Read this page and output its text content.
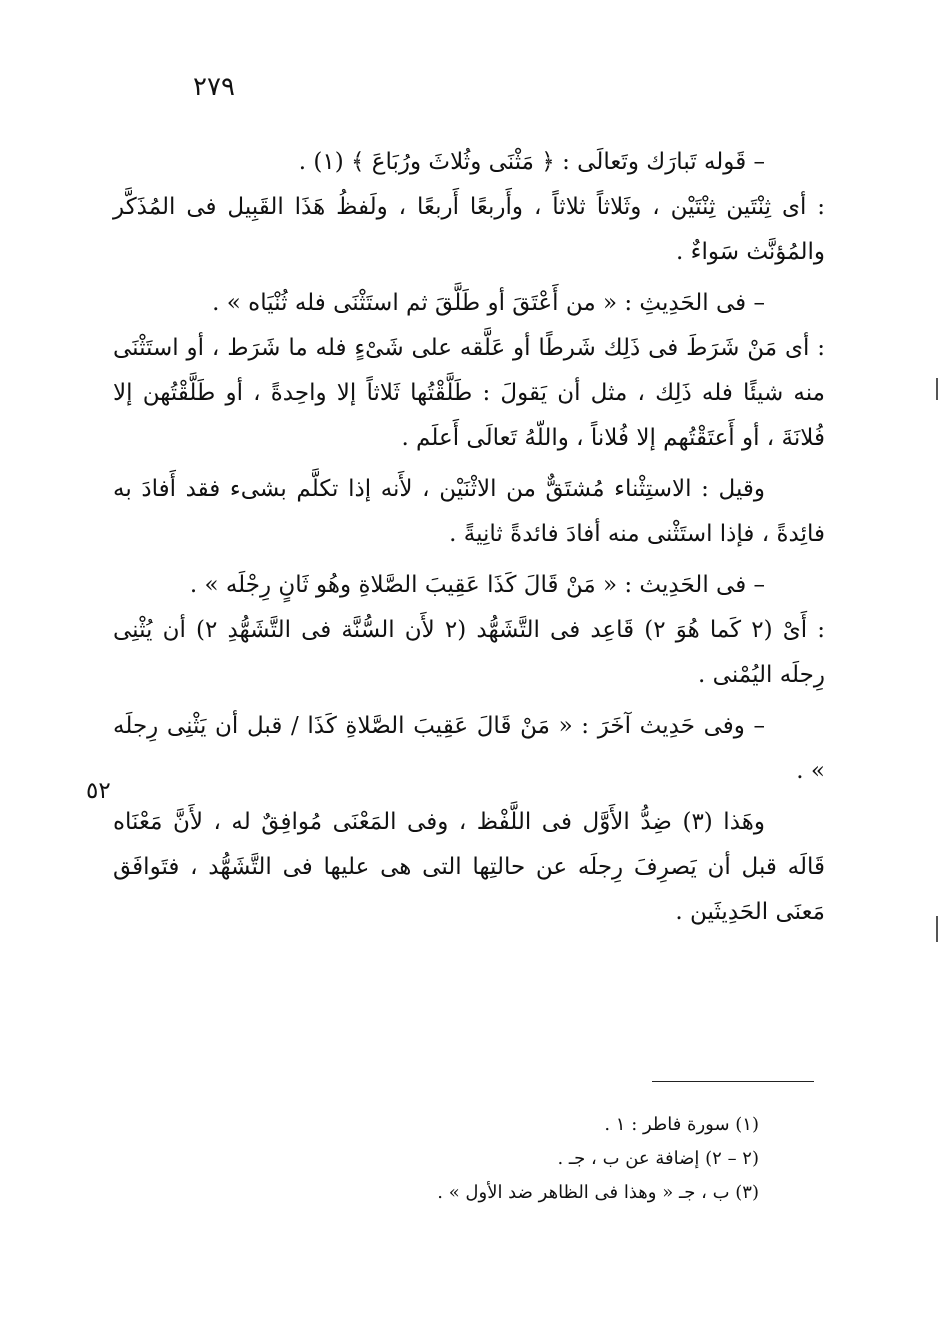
٢٧٩

– قَوله تَبارَك وتَعالَى : ﴿ مَثْنَى وثُلاثَ ورُبَاعَ ﴾ (١) .

: أى ثِنْتَين ثِنْتَيْن ، وثَلاثاً ثلاثاً ، وأَربعًا أَربعًا ، ولَفظُ هَذَا القَبِيل فى المُذَكَّر والمُؤنَّث سَواءٌ .

– فى الحَدِيثِ : « من أَعْتَقَ أو طَلَّقَ ثم استَثْنَى فله ثُنْيَاه » .

: أى مَنْ شَرَطَ فى ذَلِك شَرطًا أو عَلَّقه على شَىْءٍ فله ما شَرَط ، أو استَثْنَى منه شيئًا فله ذَلِك ، مثل أن يَقولَ : طَلَّقْتُها ثَلاثاً إلا واحِدةً ، أو طَلَّقْتُهن إلا فُلانَةَ ، أو أَعتَقْتُهم إلا فُلاناً ، واللّهُ تَعالَى أَعلَم .

وقيل : الاستِثْناء مُشتَقٌّ من الاثْنَيْن ، لأَنه إذا تكلَّم بشىء فقد أَفادَ به فائِدةً ، فإذا استَثْنى منه أفادَ فائدةً ثانِيةً .

– فى الحَدِيث : « مَنْ قَالَ كَذَا عَقِيبَ الصَّلاةِ وهُو ثَانٍ رِجْلَه » .

: أَىْ (٢ كَما هُوَ ٢) قَاعِد فى التَّشَهُّد (٢ لأَن السُّنَّة فى التَّشَهُّدِ ٢) أن يُثْنِى رِجلَه اليُمْنى .

– وفى حَدِيث آخَرَ : « مَنْ قَالَ عَقِيبَ الصَّلاةِ كَذَا / قبل أن يَثْنِى رِجلَه » .

وهَذا (٣) ضِدُّ الأَوَّل فى اللَّفْظ ، وفى المَعْنَى مُوافِقٌ له ، لأَنَّ مَعْنَاه قَالَه قبل أن يَصرِفَ رِجلَه عن حالتِها التى هى عليها فى التَّشَهُّد ، فتَوافَق مَعنَى الحَدِيثَين .

٥٢

(١) سورة فاطر : ١ .

(٢ – ٢) إضافة عن ب ، جـ .

(٣) ب ، جـ « وهذا فى الظاهر ضد الأول » .
